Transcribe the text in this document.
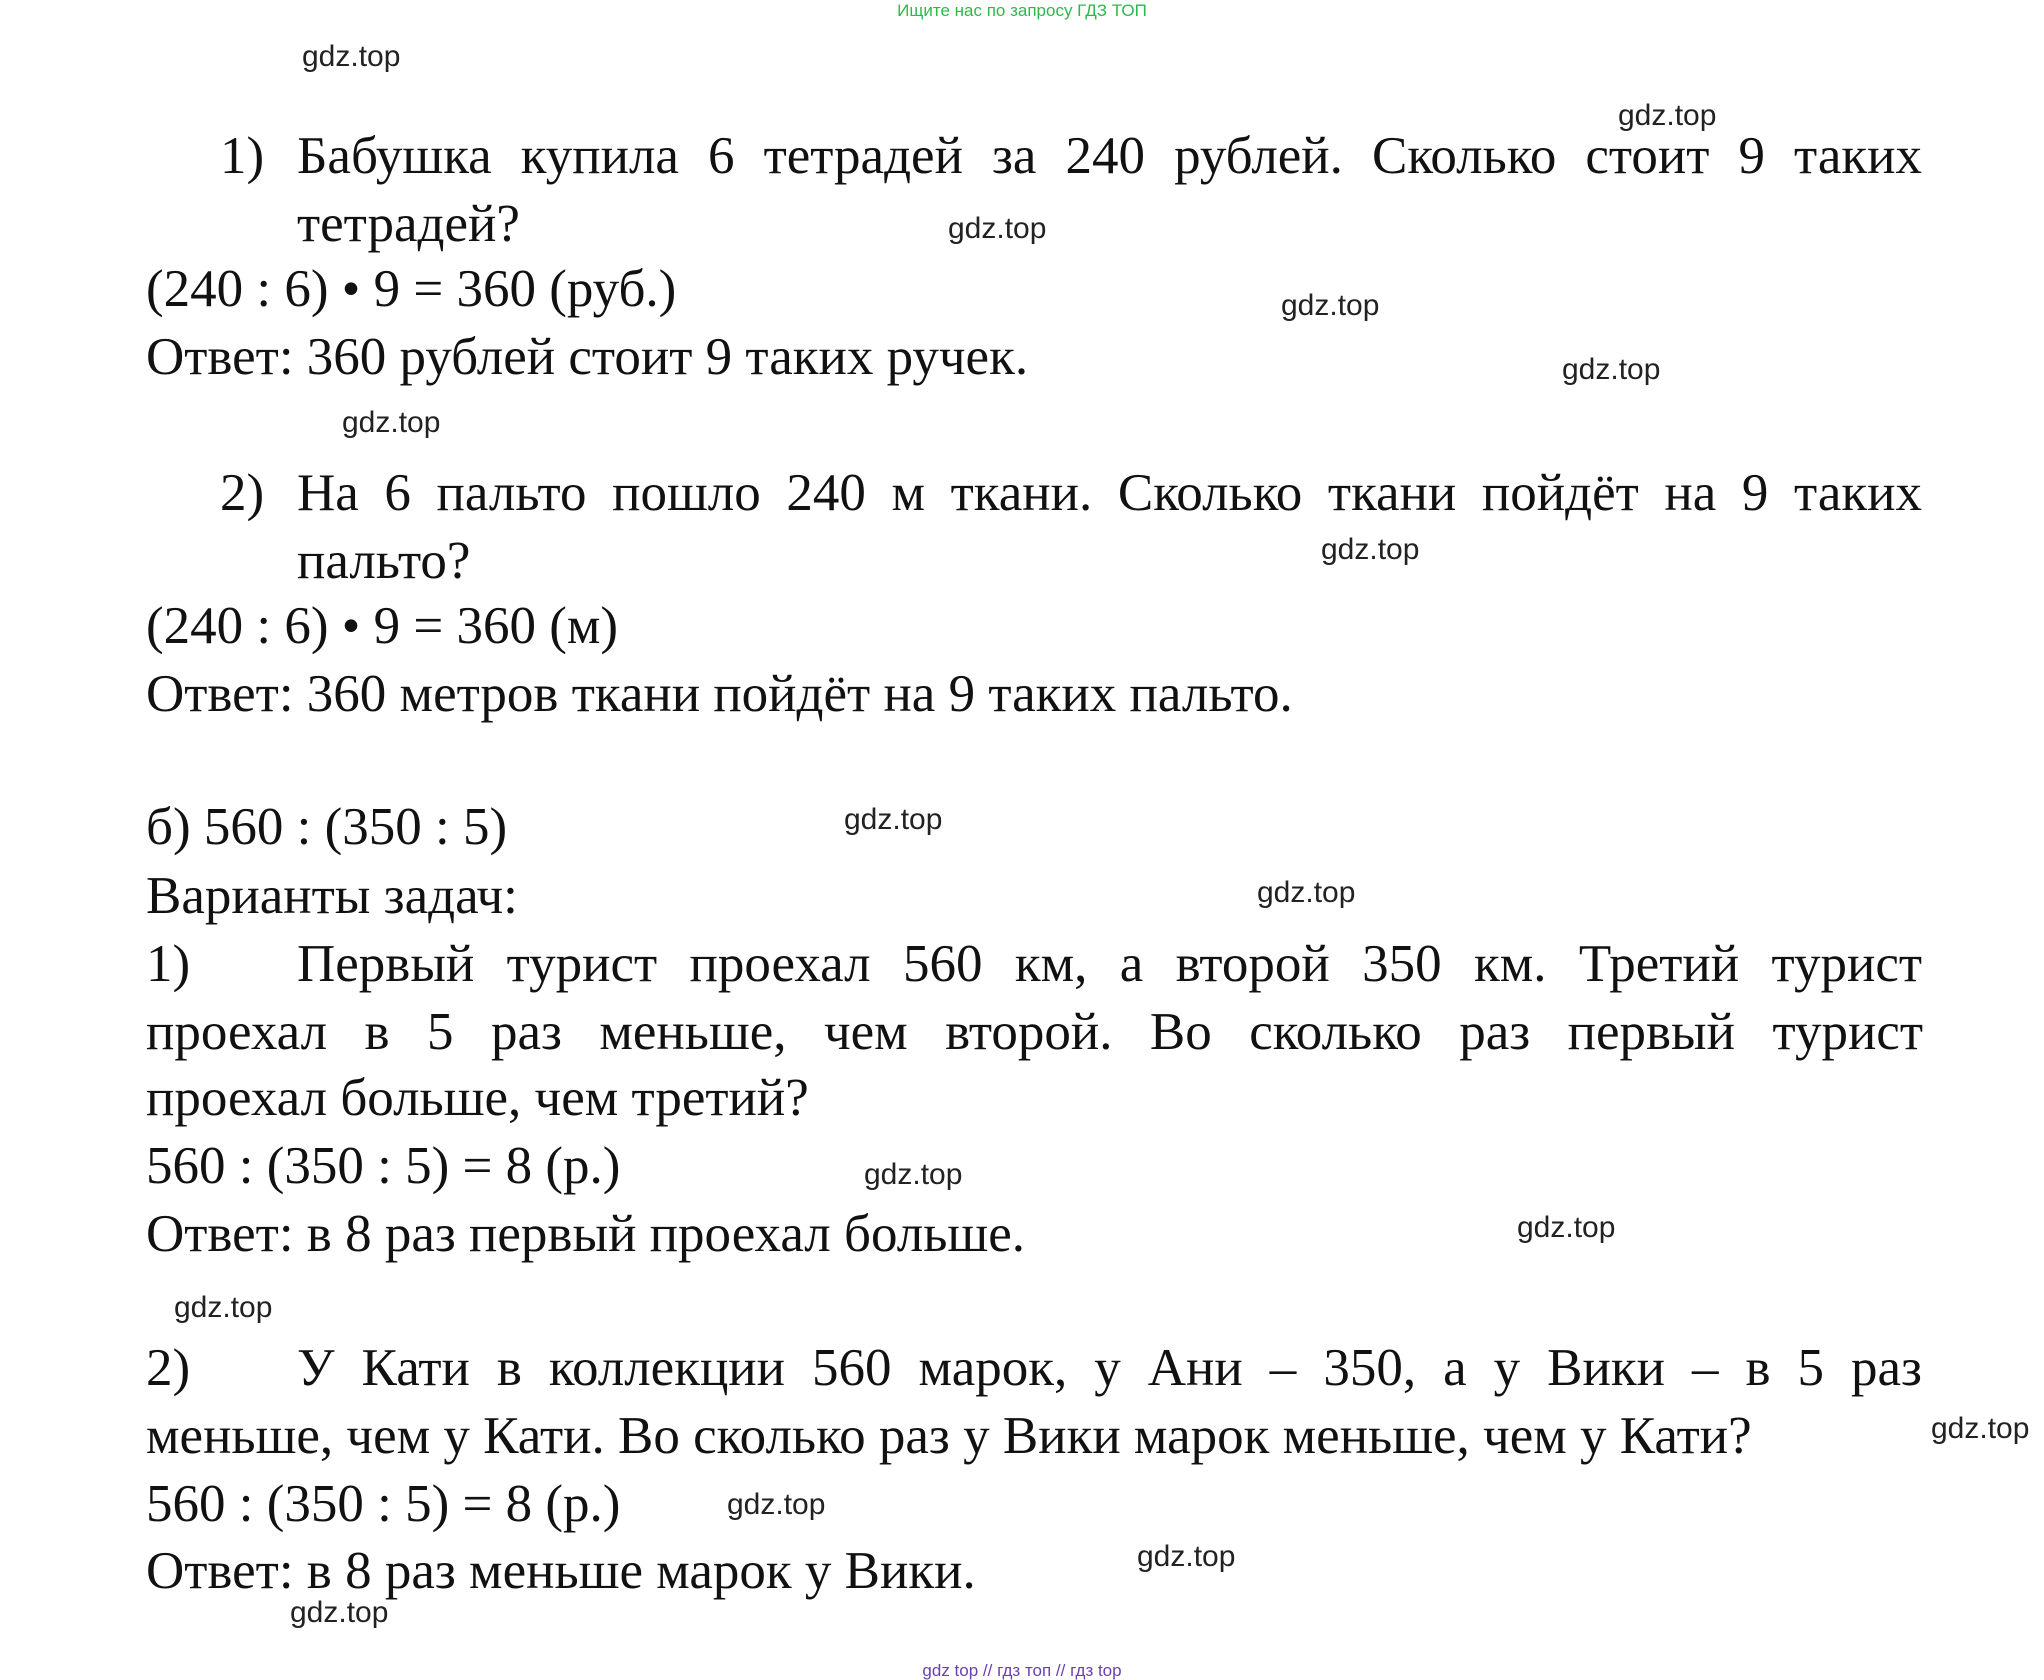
Ищите нас по запросу ГДЗ ТОП
1) Бабушка купила 6 тетрадей за 240 рублей. Сколько стоит 9 таких
тетрадей?
(240 : 6) • 9 = 360 (руб.)
Ответ: 360 рублей стоит 9 таких ручек.
2) На 6 пальто пошло 240 м ткани. Сколько ткани пойдёт на 9 таких
пальто?
(240 : 6) • 9 = 360 (м)
Ответ: 360 метров ткани пойдёт на 9 таких пальто.
б) 560 : (350 : 5)
Варианты задач:
1) Первый турист проехал 560 км, а второй 350 км. Третий турист
проехал в 5 раз меньше, чем второй. Во сколько раз первый турист
проехал больше, чем третий?
560 : (350 : 5) = 8 (р.)
Ответ: в 8 раз первый проехал больше.
2) У Кати в коллекции 560 марок, у Ани – 350, а у Вики – в 5 раз
меньше, чем у Кати. Во сколько раз у Вики марок меньше, чем у Кати?
560 : (350 : 5) = 8 (р.)
Ответ: в 8 раз меньше марок у Вики.
gdz.top
gdz.top
gdz.top
gdz.top
gdz.top
gdz.top
gdz.top
gdz.top
gdz.top
gdz.top
gdz.top
gdz.top
gdz.top
gdz.top
gdz.top
gdz.top
gdz top // гдз топ // гдз top
